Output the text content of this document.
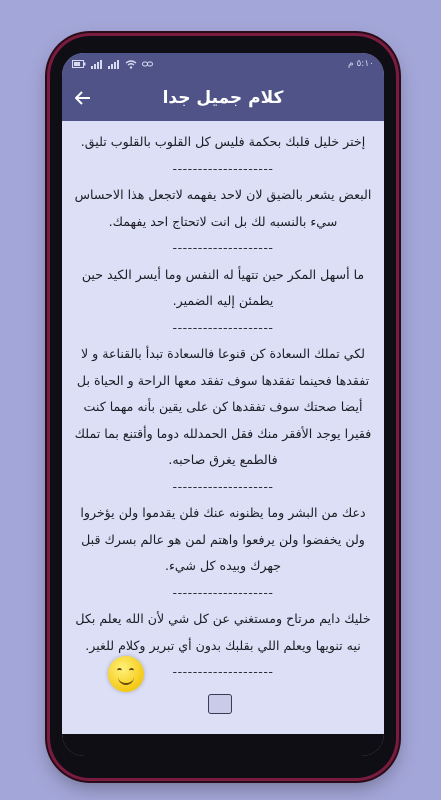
٥:١٠ م
كلام جميل جدا

إختر خليل قلبك بحكمة فليس كل القلوب بالقلوب تليق.

--------------------

البعض يشعر بالضيق لان لاحد يفهمه لاتجعل هذا الاحساس سيء بالنسبه لك بل انت لاتحتاج احد يفهمك.

--------------------

ما أسهل المكر حين تتهيأ له النفس وما أيسر الكيد حين يطمئن إليه الضمير.

--------------------

لكي تملك السعادة كن قنوعا فالسعادة تبدأ بالقناعة و لا تفقدها فحينما تفقدها سوف تفقد معها الراحة و الحياة بل أيضا صحتك سوف تفقدها كن على يقين بأنه مهما كنت فقيرا يوجد الأفقر منك فقل الحمدلله دوما وأقتنع بما تملك فالطمع يغرق صاحبه.

--------------------

دعك من البشر وما يظنونه عنك فلن يقدموا ولن يؤخروا ولن يخفضوا ولن يرفعوا واهتم لمن هو عالم بسرك قبل جهرك وبيده كل شيء.

--------------------

خليك دايم مرتاح ومستغني عن كل شي لأن الله يعلم بكل نيه تنويها ويعلم اللي بقلبك بدون أي تبرير وكلام للغير.

--------------------
